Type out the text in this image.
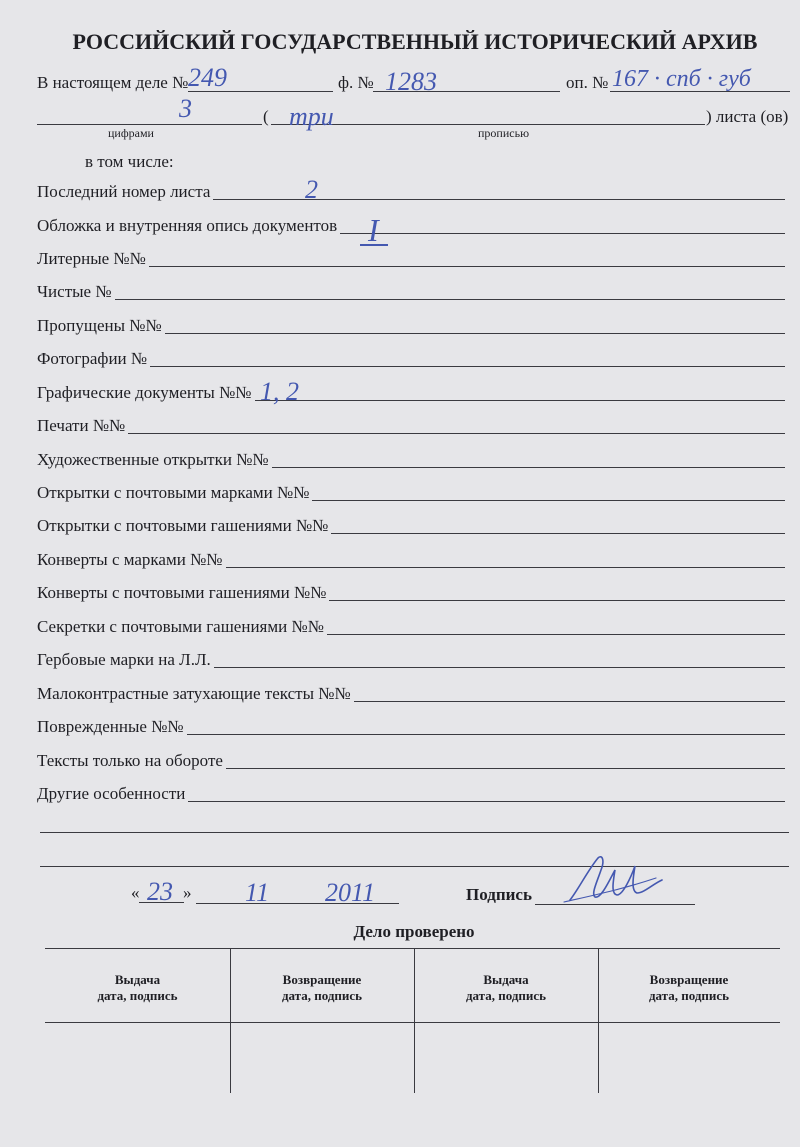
РОССИЙСКИЙ ГОСУДАРСТВЕННЫЙ ИСТОРИЧЕСКИЙ АРХИВ
В настоящем деле № 249	ф. № 1283	оп. № 167 · спб · губ
3	( три	) листа (ов)
цифрами	прописью
в том числе:
Последний номер листа	2
Обложка и внутренняя опись документов I
Литерные №№
Чистые №
Пропущены №№
Фотографии №
Графические документы №№ 1, 2
Печати №№
Художественные открытки №№
Открытки с почтовыми марками №№
Открытки с почтовыми гашениями №№
Конверты с марками №№
Конверты с почтовыми гашениями №№
Секретки с почтовыми гашениями №№
Гербовые марки на Л.Л.
Малоконтрастные затухающие тексты №№
Поврежденные №№
Тексты только на обороте
Другие особенности
« 23 » 11 2011	Подпись
Дело проверено
Выдача
дата, подпись
Возвращение
дата, подпись
Выдача
дата, подпись
Возвращение
дата, подпись
